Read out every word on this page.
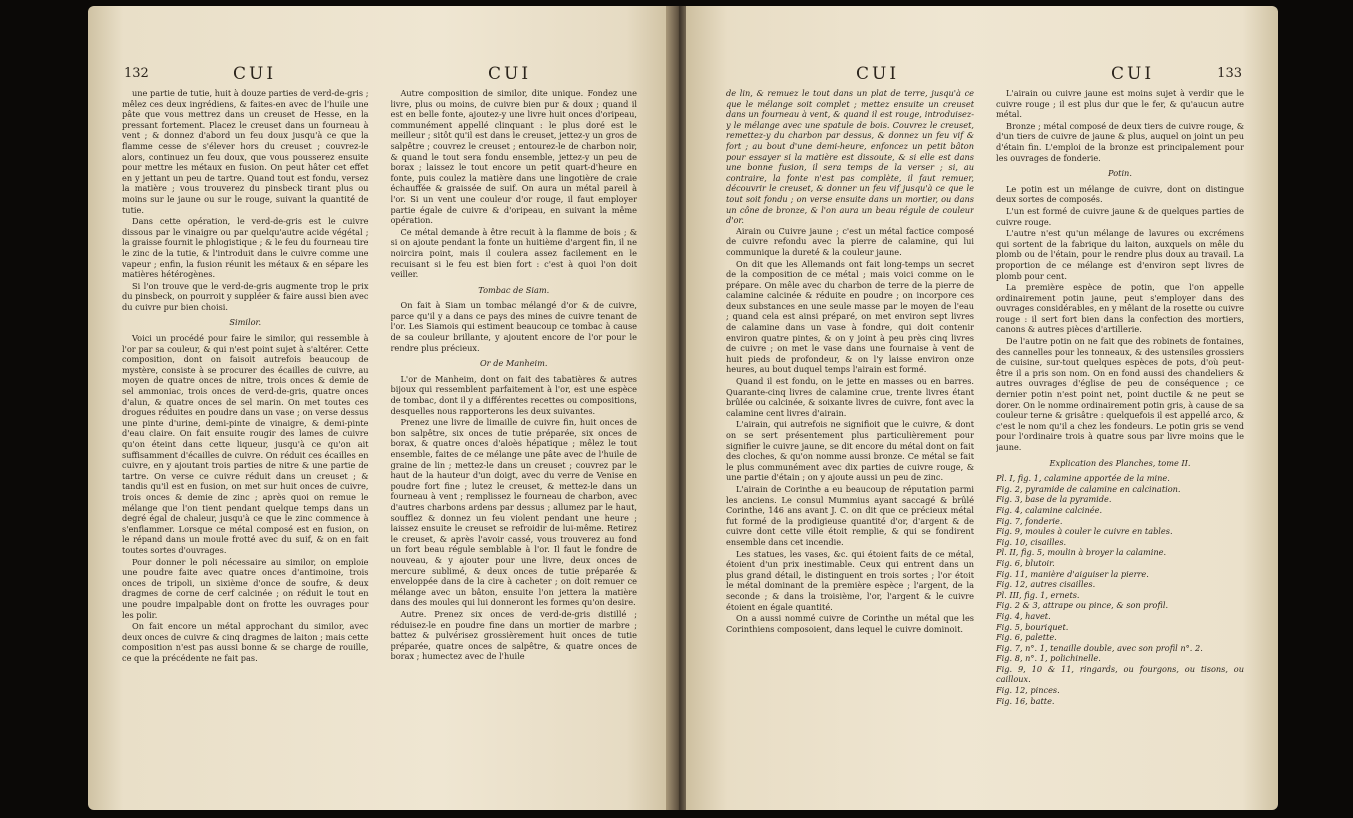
132	CUI	CUI

une partie de tutie, huit à douze parties de verd-de-gris ; mêlez ces deux ingrédiens, & faites-en avec de l'huile une pâte que vous mettrez dans un creuset de Hesse, en la pressant fortement. Placez le creuset dans un fourneau à vent ; & donnez d'abord un feu doux jusqu'à ce que la flamme cesse de s'élever hors du creuset ; couvrez-le alors, continuez un feu doux, que vous pousserez ensuite pour mettre les métaux en fusion. On peut hâter cet effet en y jettant un peu de tartre. Quand tout est fondu, versez la matière ; vous trouverez du pinsbeck tirant plus ou moins sur le jaune ou sur le rouge, suivant la quantité de tutie.

Dans cette opération, le verd-de-gris est le cuivre dissous par le vinaigre ou par quelqu'autre acide végétal ; la graisse fournit le phlogistique ; & le feu du fourneau tire le zinc de la tutie, & l'introduit dans le cuivre comme une vapeur ; enfin, la fusion réunit les métaux & en sépare les matières hétérogènes.

Si l'on trouve que le verd-de-gris augmente trop le prix du pinsbeck, on pourroit y suppléer & faire aussi bien avec du cuivre pur bien choisi.

Similor.

Voici un procédé pour faire le similor, qui ressemble à l'or par sa couleur, & qui n'est point sujet à s'altérer. Cette composition, dont on faisoit autrefois beaucoup de mystère, consiste à se procurer des écailles de cuivre, au moyen de quatre onces de nitre, trois onces & demie de sel ammoniac, trois onces de verd-de-gris, quatre onces d'alun, & quatre onces de sel marin. On met toutes ces drogues réduites en poudre dans un vase ; on verse dessus une pinte d'urine, demi-pinte de vinaigre, & demi-pinte d'eau claire. On fait ensuite rougir des lames de cuivre qu'on éteint dans cette liqueur, jusqu'à ce qu'on ait suffisamment d'écailles de cuivre. On réduit ces écailles en cuivre, en y ajoutant trois parties de nitre & une partie de tartre. On verse ce cuivre réduit dans un creuset ; & tandis qu'il est en fusion, on met sur huit onces de cuivre, trois onces & demie de zinc ; après quoi on remue le mélange que l'on tient pendant quelque temps dans un degré égal de chaleur, jusqu'à ce que le zinc commence à s'enflammer. Lorsque ce métal composé est en fusion, on le répand dans un moule frotté avec du suif, & on en fait toutes sortes d'ouvrages.

Pour donner le poli nécessaire au similor, on emploie une poudre faite avec quatre onces d'antimoine, trois onces de tripoli, un sixième d'once de soufre, & deux dragmes de corne de cerf calcinée ; on réduit le tout en une poudre impalpable dont on frotte les ouvrages pour les polir.

On fait encore un métal approchant du similor, avec deux onces de cuivre & cinq dragmes de laiton ; mais cette composition n'est pas aussi bonne & se charge de rouille, ce que la précédente ne fait pas.

Autre composition de similor, dite unique. Fondez une livre, plus ou moins, de cuivre bien pur & doux ; quand il est en belle fonte, ajoutez-y une livre huit onces d'oripeau, communément appellé clinquant : le plus doré est le meilleur ; sitôt qu'il est dans le creuset, jettez-y un gros de salpêtre ; couvrez le creuset ; entourez-le de charbon noir, & quand le tout sera fondu ensemble, jettez-y un peu de borax ; laissez le tout encore un petit quart-d'heure en fonte, puis coulez la matière dans une lingotière de craie échauffée & graissée de suif. On aura un métal pareil à l'or. Si un vent une couleur d'or rouge, il faut employer partie égale de cuivre & d'oripeau, en suivant la même opération.

Ce métal demande à être recuit à la flamme de bois ; & si on ajoute pendant la fonte un huitième d'argent fin, il ne noircira point, mais il coulera assez facilement en le recuisant si le feu est bien fort : c'est à quoi l'on doit veiller.

Tombac de Siam.

On fait à Siam un tombac mélangé d'or & de cuivre, parce qu'il y a dans ce pays des mines de cuivre tenant de l'or. Les Siamois qui estiment beaucoup ce tombac à cause de sa couleur brillante, y ajoutent encore de l'or pour le rendre plus précieux.

Or de Manheim.

L'or de Manheim, dont on fait des tabatières & autres bijoux qui ressemblent parfaitement à l'or, est une espèce de tombac, dont il y a différentes recettes ou compositions, desquelles nous rapporterons les deux suivantes.

Prenez une livre de limaille de cuivre fin, huit onces de bon salpêtre, six onces de tutie préparée, six onces de borax, & quatre onces d'aloès hépatique ; mêlez le tout ensemble, faites de ce mélange une pâte avec de l'huile de graine de lin ; mettez-le dans un creuset ; couvrez par le haut de la hauteur d'un doigt, avec du verre de Venise en poudre fort fine ; lutez le creuset, & mettez-le dans un fourneau à vent ; remplissez le fourneau de charbon, avec d'autres charbons ardens par dessus ; allumez par le haut, soufflez & donnez un feu violent pendant une heure ; laissez ensuite le creuset se refroidir de lui-même. Retirez le creuset, & après l'avoir cassé, vous trouverez au fond un fort beau régule semblable à l'or. Il faut le fondre de nouveau, & y ajouter pour une livre, deux onces de mercure sublimé, & deux onces de tutie préparée & enveloppée dans de la cire à cacheter ; on doit remuer ce mélange avec un bâton, ensuite l'on jettera la matière dans des moules qui lui donneront les formes qu'on desire.

Autre. Prenez six onces de verd-de-gris distillé ; réduisez-le en poudre fine dans un mortier de marbre ; battez & pulvérisez grossièrement huit onces de tutie préparée, quatre onces de salpêtre, & quatre onces de borax ; humectez avec de l'huile

CUI	CUI	133

de lin, & remuez le tout dans un plat de terre, jusqu'à ce que le mélange soit complet ; mettez ensuite un creuset dans un fourneau à vent, & quand il est rouge, introduisez-y le mélange avec une spatule de bois. Couvrez le creuset, remettez-y du charbon par dessus, & donnez un feu vif & fort ; au bout d'une demi-heure, enfoncez un petit bâton pour essayer si la matière est dissoute, & si elle est dans une bonne fusion, il sera temps de la verser ; si, au contraire, la fonte n'est pas complète, il faut remuer, découvrir le creuset, & donner un feu vif jusqu'à ce que le tout soit fondu ; on verse ensuite dans un mortier, ou dans un cône de bronze, & l'on aura un beau régule de couleur d'or.

Airain ou Cuivre jaune ; c'est un métal factice composé de cuivre refondu avec la pierre de calamine, qui lui communique la dureté & la couleur jaune.

On dit que les Allemands ont fait long-temps un secret de la composition de ce métal ; mais voici comme on le prépare. On mêle avec du charbon de terre de la pierre de calamine calcinée & réduite en poudre ; on incorpore ces deux substances en une seule masse par le moyen de l'eau ; quand cela est ainsi préparé, on met environ sept livres de calamine dans un vase à fondre, qui doit contenir environ quatre pintes, & on y joint à peu près cinq livres de cuivre ; on met le vase dans une fournaise à vent de huit pieds de profondeur, & on l'y laisse environ onze heures, au bout duquel temps l'airain est formé.

Quand il est fondu, on le jette en masses ou en barres. Quarante-cinq livres de calamine crue, trente livres étant brûlée ou calcinée, & soixante livres de cuivre, font avec la calamine cent livres d'airain.

L'airain, qui autrefois ne signifioit que le cuivre, & dont on se sert présentement plus particulièrement pour signifier le cuivre jaune, se dit encore du métal dont on fait des cloches, & qu'on nomme aussi bronze. Ce métal se fait le plus communément avec dix parties de cuivre rouge, & une partie d'étain ; on y ajoute aussi un peu de zinc.

L'airain de Corinthe a eu beaucoup de réputation parmi les anciens. Le consul Mummius ayant saccagé & brûlé Corinthe, 146 ans avant J. C. on dit que ce précieux métal fut formé de la prodigieuse quantité d'or, d'argent & de cuivre dont cette ville étoit remplie, & qui se fondirent ensemble dans cet incendie.

Les statues, les vases, &c. qui étoient faits de ce métal, étoient d'un prix inestimable. Ceux qui entrent dans un plus grand détail, le distinguent en trois sortes ; l'or étoit le métal dominant de la première espèce ; l'argent, de la seconde ; & dans la troisième, l'or, l'argent & le cuivre étoient en égale quantité.

On a aussi nommé cuivre de Corinthe un métal que les Corinthiens composoient, dans lequel le cuivre dominoit.

L'airain ou cuivre jaune est moins sujet à verdir que le cuivre rouge ; il est plus dur que le fer, & qu'aucun autre métal.

Bronze ; métal composé de deux tiers de cuivre rouge, & d'un tiers de cuivre de jaune & plus, auquel on joint un peu d'étain fin. L'emploi de la bronze est principalement pour les ouvrages de fonderie.

Potin.

Le potin est un mélange de cuivre, dont on distingue deux sortes de composés.

L'un est formé de cuivre jaune & de quelques parties de cuivre rouge.

L'autre n'est qu'un mélange de lavures ou excrémens qui sortent de la fabrique du laiton, auxquels on mêle du plomb ou de l'étain, pour le rendre plus doux au travail. La proportion de ce mélange est d'environ sept livres de plomb pour cent.

La première espèce de potin, que l'on appelle ordinairement potin jaune, peut s'employer dans des ouvrages considérables, en y mêlant de la rosette ou cuivre rouge : il sert fort bien dans la confection des mortiers, canons & autres pièces d'artillerie.

De l'autre potin on ne fait que des robinets de fontaines, des cannelles pour les tonneaux, & des ustensiles grossiers de cuisine, sur-tout quelques espèces de pots, d'où peut-être il a pris son nom. On en fond aussi des chandeliers & autres ouvrages d'église de peu de conséquence ; ce dernier potin n'est point net, point ductile & ne peut se dorer. On le nomme ordinairement potin gris, à cause de sa couleur terne & grisâtre : quelquefois il est appellé arco, & c'est le nom qu'il a chez les fondeurs. Le potin gris se vend pour l'ordinaire trois à quatre sous par livre moins que le jaune.

Explication des Planches, tome II.

Pl. I, fig. 1, calamine apportée de la mine.

Fig. 2, pyramide de calamine en calcination.

Fig. 3, base de la pyramide.

Fig. 4, calamine calcinée.

Fig. 7, fonderie.

Fig. 9, moules à couler le cuivre en tables.

Fig. 10, cisailles.

Pl. II, fig. 5, moulin à broyer la calamine.

Fig. 6, blutoir.

Fig. 11, manière d'aiguiser la pierre.

Fig. 12, autres cisailles.

Pl. III, fig. 1, ernets.

Fig. 2 & 3, attrape ou pince, & son profil.

Fig. 4, havet.

Fig. 5, bouriquet.

Fig. 6, palette.

Fig. 7, n°. 1, tenaille double, avec son profil n°. 2.

Fig. 8, n°. 1, polichinelle.

Fig. 9, 10 & 11, ringards, ou fourgons, ou tisons, ou cailloux.

Fig. 12, pinces.

Fig. 16, batte.
